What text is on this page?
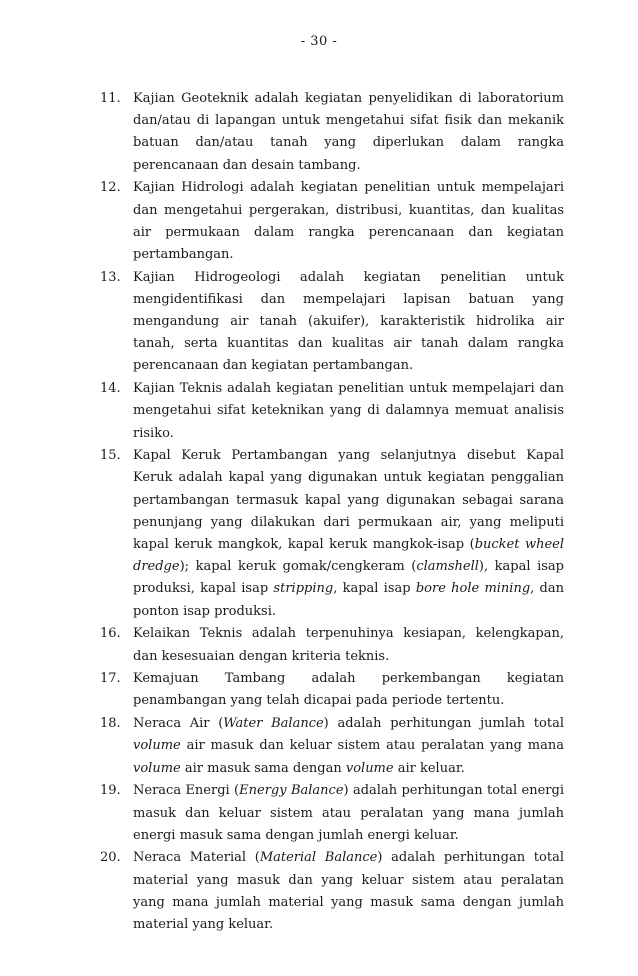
- 30 -
11. Kajian Geoteknik adalah kegiatan penyelidikan di laboratorium dan/atau di lapangan untuk mengetahui sifat fisik dan mekanik batuan dan/atau tanah yang diperlukan dalam rangka perencanaan dan desain tambang.
12. Kajian Hidrologi adalah kegiatan penelitian untuk mempelajari dan mengetahui pergerakan, distribusi, kuantitas, dan kualitas air permukaan dalam rangka perencanaan dan kegiatan pertambangan.
13. Kajian Hidrogeologi adalah kegiatan penelitian untuk mengidentifikasi dan mempelajari lapisan batuan yang mengandung air tanah (akuifer), karakteristik hidrolika air tanah, serta kuantitas dan kualitas air tanah dalam rangka perencanaan dan kegiatan pertambangan.
14. Kajian Teknis adalah kegiatan penelitian untuk mempelajari dan mengetahui sifat keteknikan yang di dalamnya memuat analisis risiko.
15. Kapal Keruk Pertambangan yang selanjutnya disebut Kapal Keruk adalah kapal yang digunakan untuk kegiatan penggalian pertambangan termasuk kapal yang digunakan sebagai sarana penunjang yang dilakukan dari permukaan air, yang meliputi kapal keruk mangkok, kapal keruk mangkok-isap (bucket wheel dredge); kapal keruk gomak/cengkeram (clamshell), kapal isap produksi, kapal isap stripping, kapal isap bore hole mining, dan ponton isap produksi.
16. Kelaikan Teknis adalah terpenuhinya kesiapan, kelengkapan, dan kesesuaian dengan kriteria teknis.
17. Kemajuan Tambang adalah perkembangan kegiatan penambangan yang telah dicapai pada periode tertentu.
18. Neraca Air (Water Balance) adalah perhitungan jumlah total volume air masuk dan keluar sistem atau peralatan yang mana volume air masuk sama dengan volume air keluar.
19. Neraca Energi (Energy Balance) adalah perhitungan total energi masuk dan keluar sistem atau peralatan yang mana jumlah energi masuk sama dengan jumlah energi keluar.
20. Neraca Material (Material Balance) adalah perhitungan total material yang masuk dan yang keluar sistem atau peralatan yang mana jumlah material yang masuk sama dengan jumlah material yang keluar.
